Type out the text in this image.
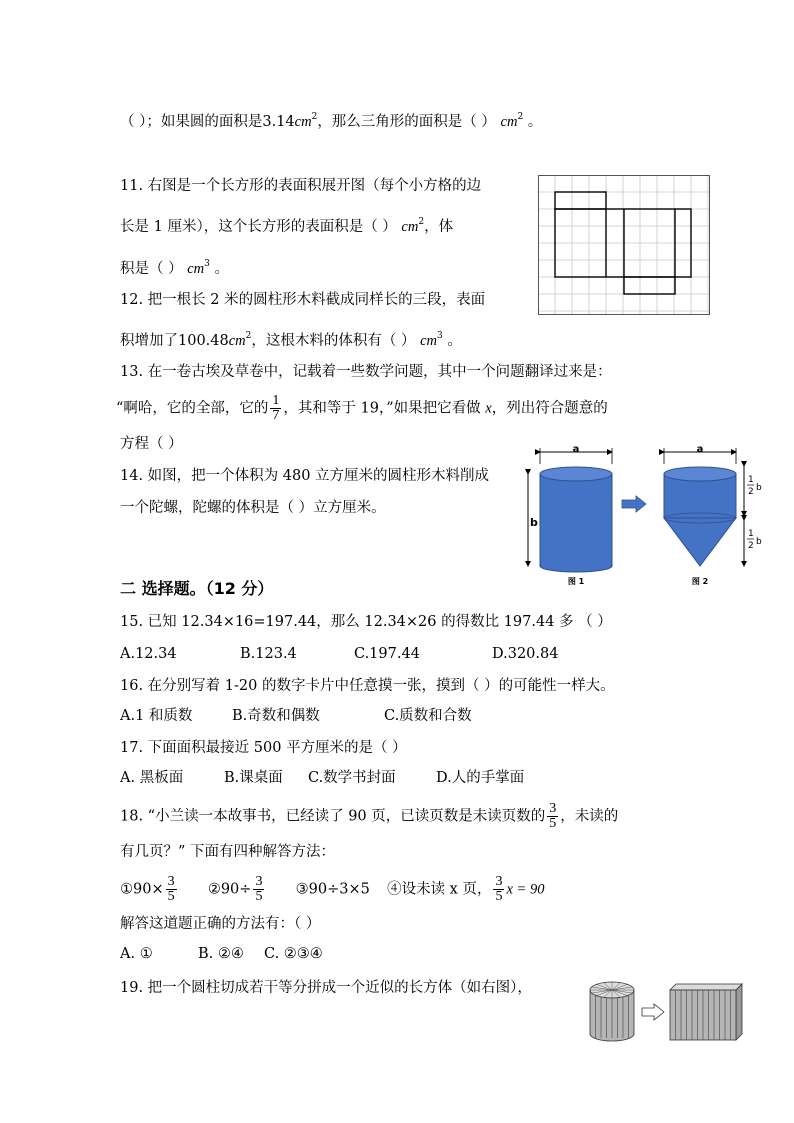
（ ）；如果圆的面积是$3.14cm^2$，那么三角形的面积是（ ） $cm^2$ 。
11. 右图是一个长方形的表面积展开图（每个小方格的边
长是 1 厘米），这个长方形的表面积是（ ） $cm^2$，体
积是（ ） $cm^3$ 。
12. 把一根长 2 米的圆柱形木料截成同样长的三段，表面
积增加了$100.48cm^2$，这根木料的体积有（ ） $cm^3$ 。
13. 在一卷古埃及草卷中，记载着一些数学问题，其中一个问题翻译过来是：
“啊哈，它的全部，它的 $\frac{1}{7}$ ，其和等于 19，”如果把它看做 x，列出符合题意的
方程（ ）
14. 如图，把一个体积为 480 立方厘米的圆柱形木料削成
一个陀螺，陀螺的体积是（ ）立方厘米。
a
b
图 1
a
1
2 b
1
2 b
图 2
二 选择题。（12 分）
15. 已知 12.34×16=197.44，那么 12.34×26 的得数比 197.44 多 （ ）
A.12.34	B.123.4	C.197.44	D.320.84
16. 在分别写着 1-20 的数字卡片中任意摸一张，摸到（ ）的可能性一样大。
A.1 和质数	B.奇数和偶数	C.质数和合数
17. 下面面积最接近 500 平方厘米的是（ ）
A. 黑板面	B.课桌面 C.数学书封面	D.人的手掌面
18. “小兰读一本故事书，已经读了 90 页，已读页数是未读页数的 $\frac{3}{5}$ ，未读的
有几页？” 下面有四种解答方法：
①90× $\frac{3}{5}$ ②90÷ $\frac{3}{5}$ ③90÷3×5 ④设未读 x 页， $\frac{3}{5}$ x = 90
解答这道题正确的方法有：（ ）
A. ①	B. ②④ C. ②③④
19. 把一个圆柱切成若干等分拼成一个近似的长方体（如右图），
